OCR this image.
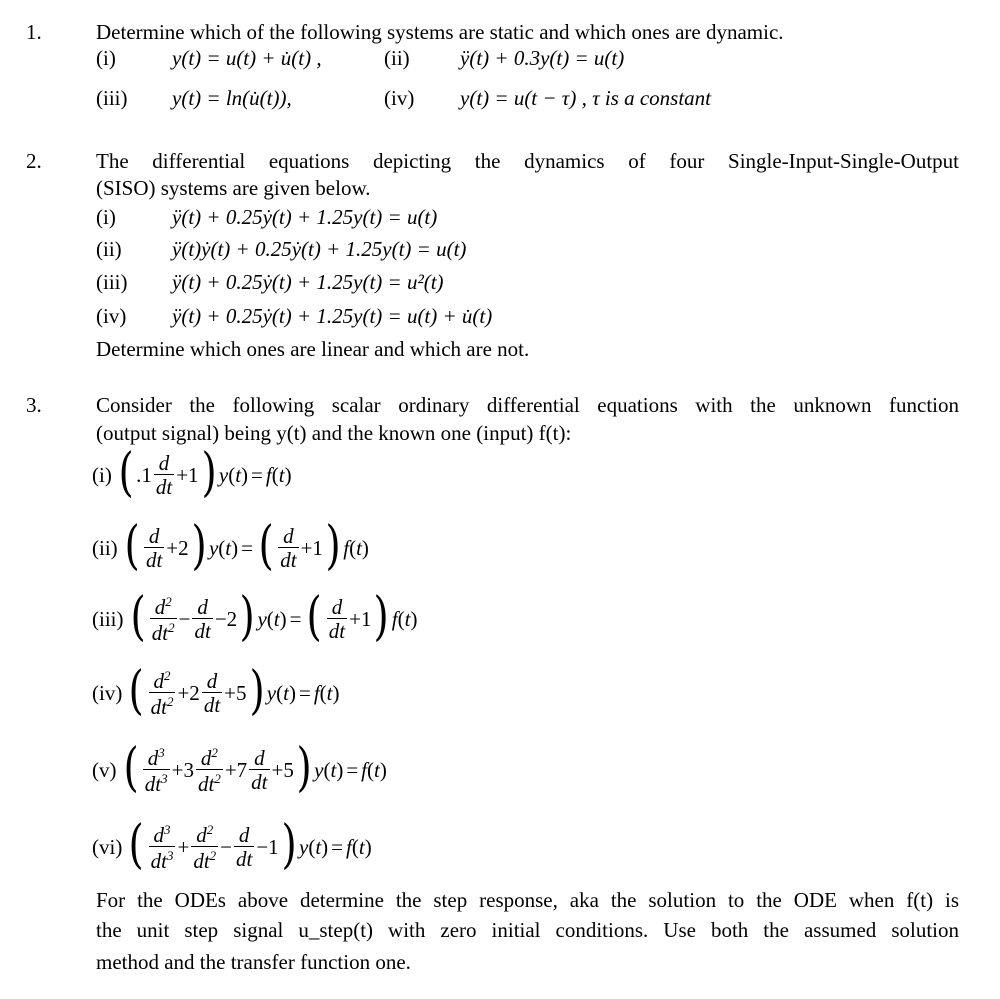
1.	Determine which of the following systems are static and which ones are dynamic.
(i)	y(t) = u(t) + u̇(t) ,	(ii) ÿ(t) + 0.3y(t) = u(t)
(iii) y(t) = ln(u̇(t)),	(iv) y(t) = u(t − τ) , τ is a constant
2.	The differential equations depicting the dynamics of four Single-Input-Single-Output
(SISO) systems are given below.
(i)	ÿ(t) + 0.25ẏ(t) + 1.25y(t) = u(t)
(ii) ÿ(t)ẏ(t) + 0.25ẏ(t) + 1.25y(t) = u(t)
(iii) ÿ(t) + 0.25ẏ(t) + 1.25y(t) = u²(t)
(iv) ÿ(t) + 0.25ẏ(t) + 1.25y(t) = u(t) + u̇(t)
Determine which ones are linear and which are not.
3.	Consider the following scalar ordinary differential equations with the unknown function
(output signal) being y(t) and the known one (input) f(t):
(i) ( $.1 \frac{d}{dt} +1$ ) y ( t ) = f ( t )
(ii) ( $\frac{d}{dt} +2$ ) y ( t ) = ( $\frac{d}{dt} +1$ ) f ( t )
(iii) ( $\frac{d^2}{dt^2} - \frac{d}{dt} -2$ ) y ( t ) = ( $\frac{d}{dt} +1$ ) f ( t )
(iv) ( $\frac{d^2}{dt^2} +2 \frac{d}{dt} +5$ ) y ( t ) = f ( t )
(v) ( $\frac{d^3}{dt^3} +3 \frac{d^2}{dt^2} +7 \frac{d}{dt} +5$ ) y ( t ) = f ( t )
(vi) ( $\frac{d^3}{dt^3} + \frac{d^2}{dt^2} - \frac{d}{dt} -1$ ) y ( t ) = f ( t )
For the ODEs above determine the step response, aka the solution to the ODE when f(t) is
the unit step signal u_step(t) with zero initial conditions. Use both the assumed solution
method and the transfer function one.
